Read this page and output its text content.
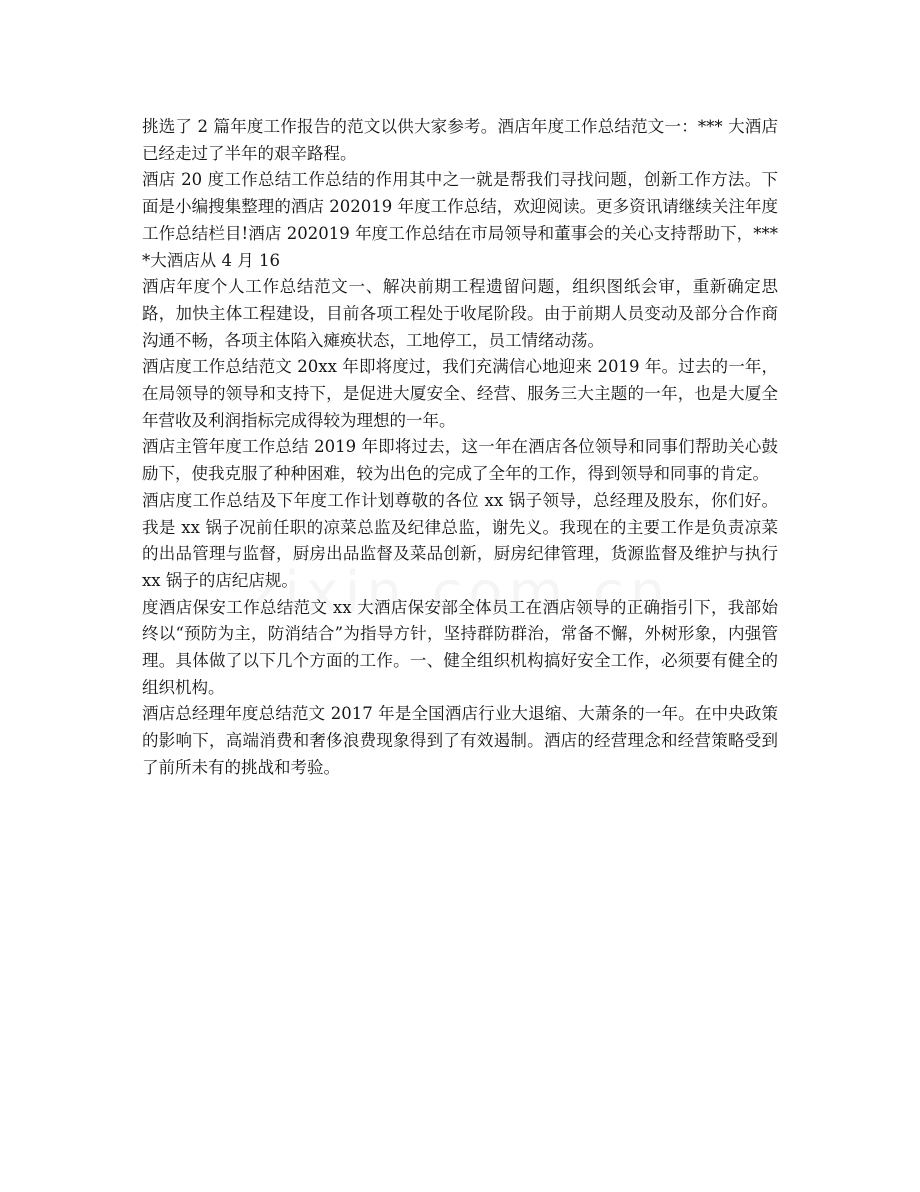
挑选了 2 篇年度工作报告的范文以供大家参考。酒店年度工作总结范文一：*** 大酒店已经走过了半年的艰辛路程。

酒店 20 度工作总结工作总结的作用其中之一就是帮我们寻找问题，创新工作方法。下面是小编搜集整理的酒店 202019 年度工作总结，欢迎阅读。更多资讯请继续关注年度工作总结栏目!酒店 202019 年度工作总结在市局领导和董事会的关心支持帮助下，****大酒店从 4 月 16

酒店年度个人工作总结范文一、解决前期工程遗留问题，组织图纸会审，重新确定思路，加快主体工程建设，目前各项工程处于收尾阶段。由于前期人员变动及部分合作商沟通不畅，各项主体陷入瘫痪状态，工地停工，员工情绪动荡。

酒店度工作总结范文 20xx 年即将度过，我们充满信心地迎来 2019 年。过去的一年，在局领导的领导和支持下，是促进大厦安全、经营、服务三大主题的一年，也是大厦全年营收及利润指标完成得较为理想的一年。

酒店主管年度工作总结 2019 年即将过去，这一年在酒店各位领导和同事们帮助关心鼓励下，使我克服了种种困难，较为出色的完成了全年的工作，得到领导和同事的肯定。

酒店度工作总结及下年度工作计划尊敬的各位 xx 锅子领导，总经理及股东，你们好。我是 xx 锅子况前任职的凉菜总监及纪律总监，谢先义。我现在的主要工作是负责凉菜的出品管理与监督，厨房出品监督及菜品创新，厨房纪律管理，货源监督及维护与执行 xx 锅子的店纪店规。

度酒店保安工作总结范文 xx 大酒店保安部全体员工在酒店领导的正确指引下，我部始终以“预防为主，防消结合”为指导方针，坚持群防群治，常备不懈，外树形象，内强管理。具体做了以下几个方面的工作。一、健全组织机构搞好安全工作，必须要有健全的组织机构。

酒店总经理年度总结范文 2017 年是全国酒店行业大退缩、大萧条的一年。在中央政策的影响下，高端消费和奢侈浪费现象得到了有效遏制。酒店的经营理念和经营策略受到了前所未有的挑战和考验。
